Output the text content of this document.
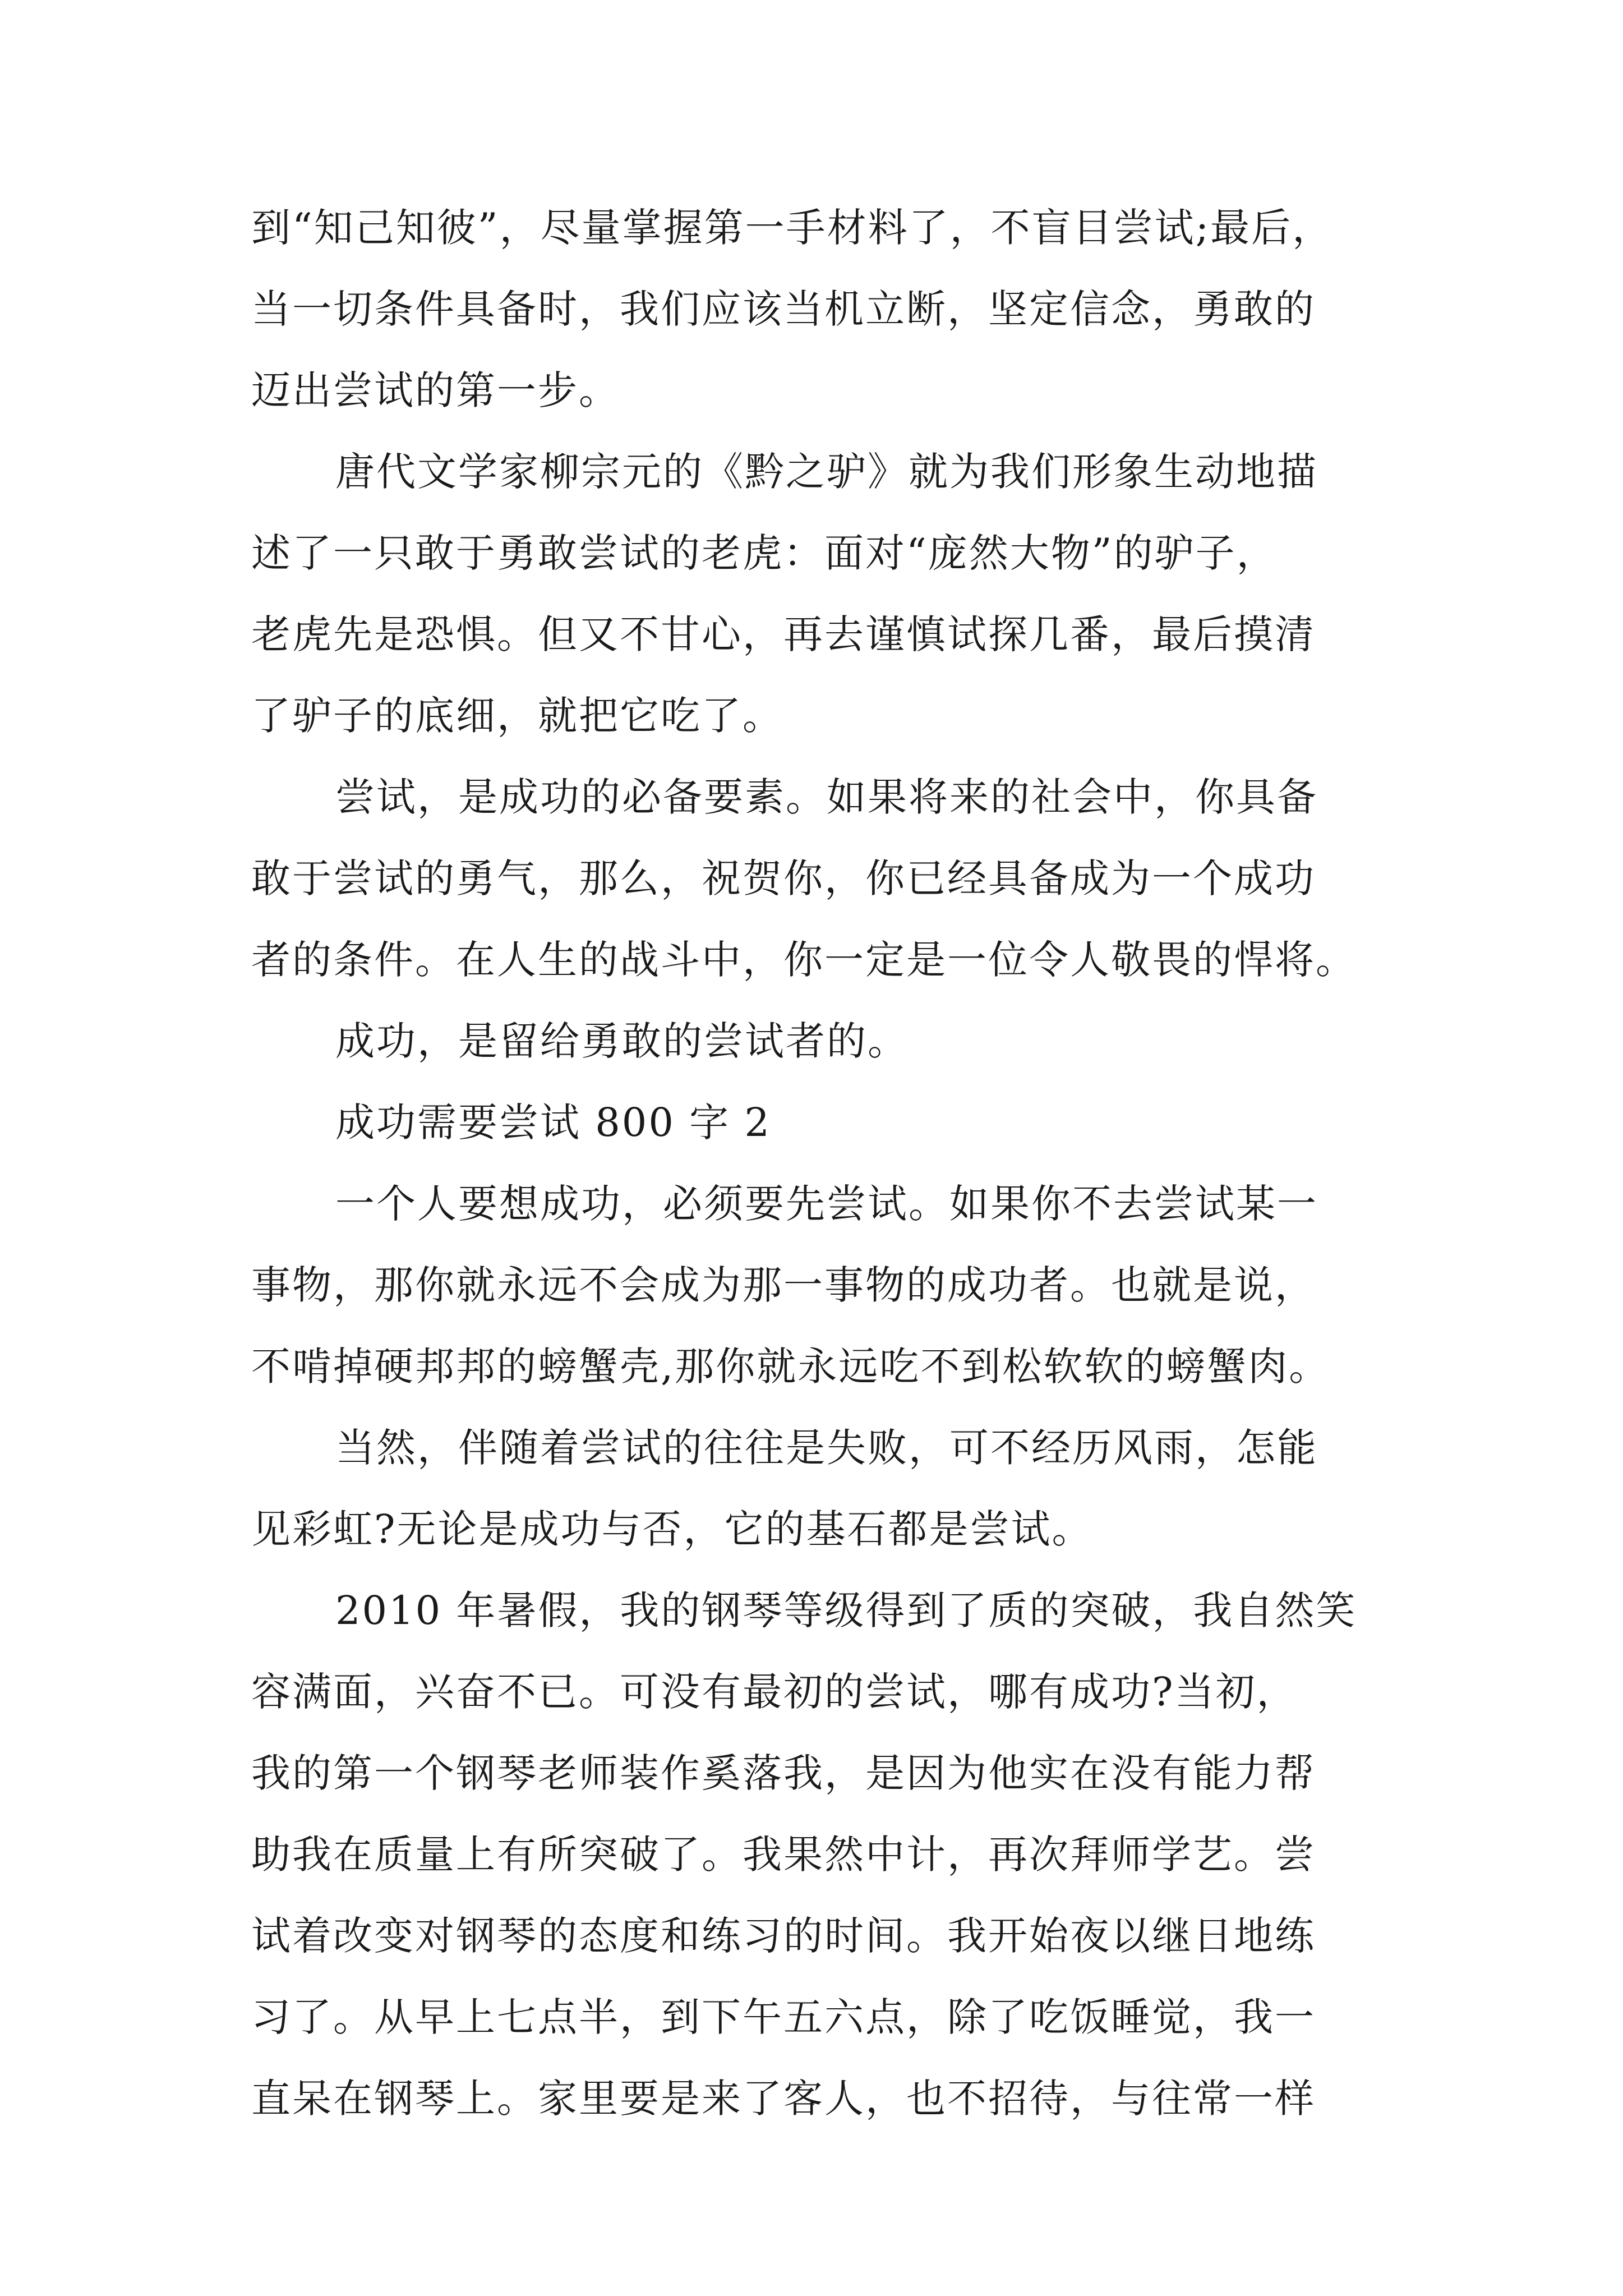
到“知己知彼”，尽量掌握第一手材料了，不盲目尝试;最后，
当一切条件具备时，我们应该当机立断，坚定信念，勇敢的
迈出尝试的第一步。
唐代文学家柳宗元的《黔之驴》就为我们形象生动地描
述了一只敢于勇敢尝试的老虎：面对“庞然大物”的驴子，
老虎先是恐惧。但又不甘心，再去谨慎试探几番，最后摸清
了驴子的底细，就把它吃了。
尝试，是成功的必备要素。如果将来的社会中，你具备
敢于尝试的勇气，那么，祝贺你，你已经具备成为一个成功
者的条件。在人生的战斗中，你一定是一位令人敬畏的悍将。
成功，是留给勇敢的尝试者的。
成功需要尝试 800 字 2
一个人要想成功，必须要先尝试。如果你不去尝试某一
事物，那你就永远不会成为那一事物的成功者。也就是说，
不啃掉硬邦邦的螃蟹壳,那你就永远吃不到松软软的螃蟹肉。
当然，伴随着尝试的往往是失败，可不经历风雨，怎能
见彩虹?无论是成功与否，它的基石都是尝试。
2010 年暑假，我的钢琴等级得到了质的突破，我自然笑
容满面，兴奋不已。可没有最初的尝试，哪有成功?当初，
我的第一个钢琴老师装作奚落我，是因为他实在没有能力帮
助我在质量上有所突破了。我果然中计，再次拜师学艺。尝
试着改变对钢琴的态度和练习的时间。我开始夜以继日地练
习了。从早上七点半，到下午五六点，除了吃饭睡觉，我一
直呆在钢琴上。家里要是来了客人，也不招待，与往常一样
